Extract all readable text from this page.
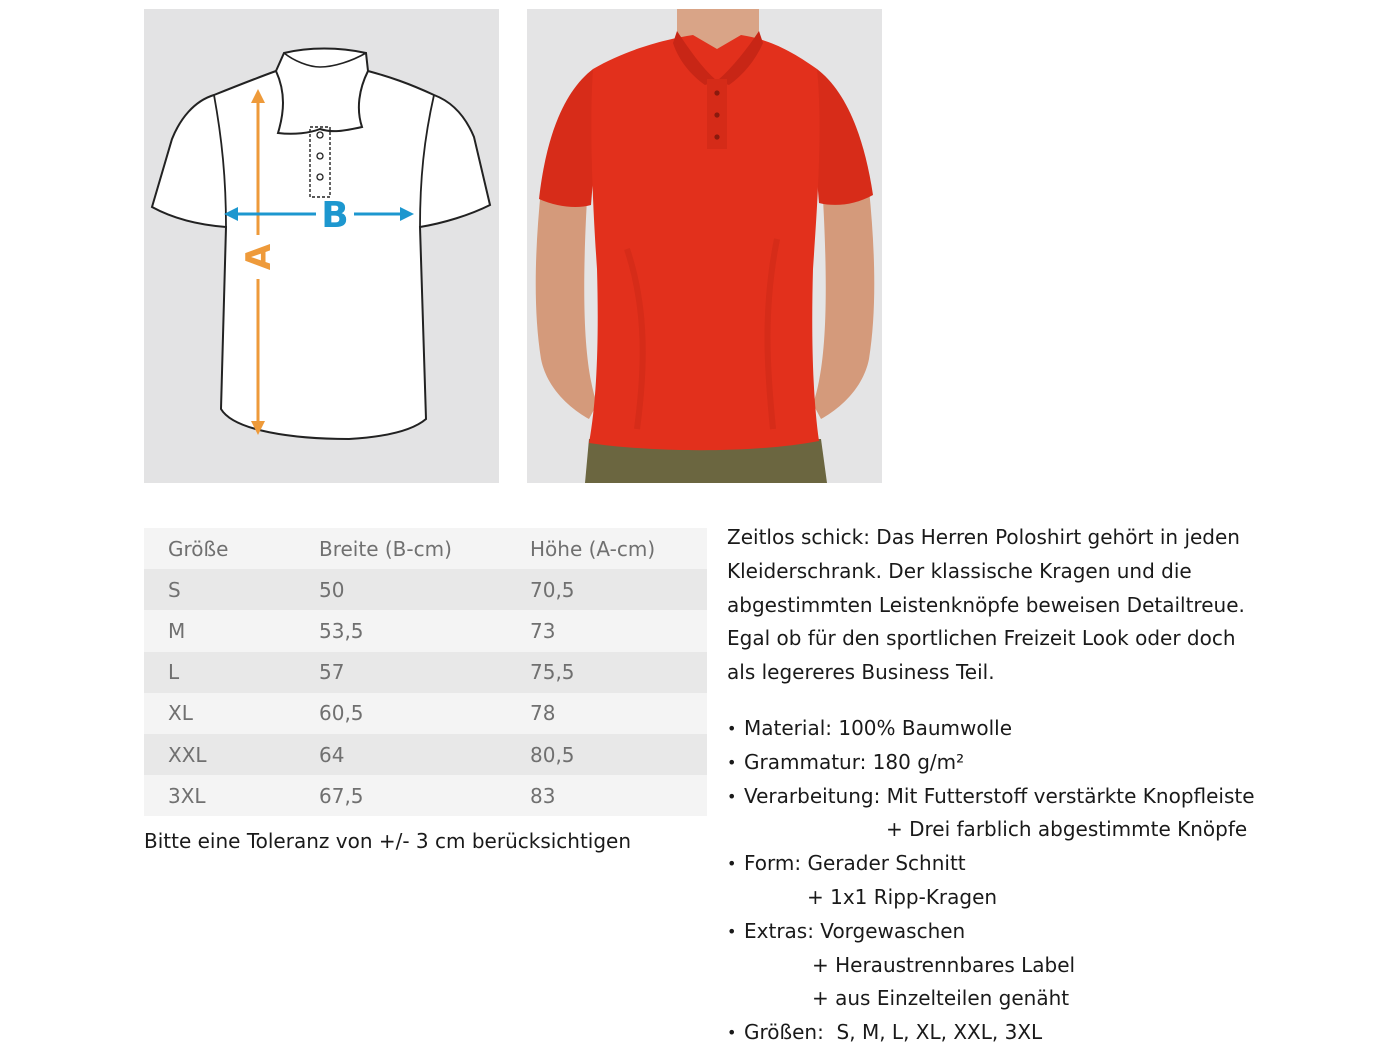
A
B
Größe	Breite (B-cm)	Höhe (A-cm)
S	50	70,5
M	53,5	73
L	57	75,5
XL	60,5	78
XXL	64	80,5
3XL	67,5	83
Bitte eine Toleranz von +/- 3 cm berücksichtigen
Zeitlos schick: Das Herren Poloshirt gehört in jeden
Kleiderschrank. Der klassische Kragen und die
abgestimmten Leistenknöpfe beweisen Detailtreue.
Egal ob für den sportlichen Freizeit Look oder doch
als legereres Business Teil.
• Material: 100% Baumwolle
• Grammatur: 180 g/m²
• Verarbeitung: Mit Futterstoff verstärkte Knopfleiste
+ Drei farblich abgestimmte Knöpfe
• Form: Gerader Schnitt
+ 1x1 Ripp-Kragen
• Extras: Vorgewaschen
+ Heraustrennbares Label
+ aus Einzelteilen genäht
• Größen:  S, M, L, XL, XXL, 3XL
